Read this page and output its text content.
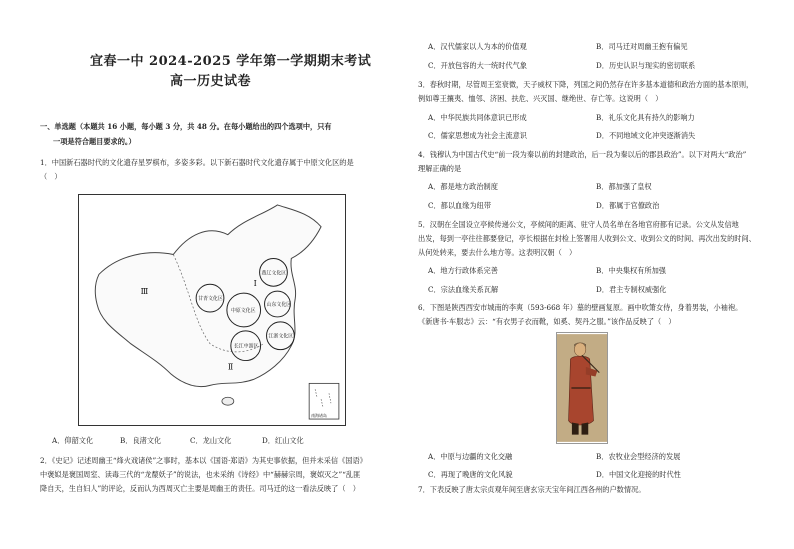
宜春一中 2024-2025 学年第一学期期末考试
高一历史试卷
一、单选题（本题共 16 小题，每小题 3 分，共 48 分。在每小题给出的四个选项中，只有
一项是符合题目要求的。）
1．中国新石器时代的文化遗存星罗棋布，多姿多彩。以下新石器时代文化遗存属于中原文化区的是
（　）
燕辽文化区
甘青文化区
中原文化区
山东文化区
长江中游区
江浙文化区
Ⅰ
Ⅱ
Ⅲ
南海诸岛
A．仰韶文化	B．良渚文化	C．龙山文化	D．红山文化
2．《史记》记述周幽王“烽火戏诸侯”之事时，基本以《国语·郑语》为其史事依据，但并未采信《国语》
中褒姒是褒国周室、读毒三代的“龙漦妖子”的说法，也未采纳《诗经》中“赫赫宗周，褒姒灭之”“乱匪
降自天，生自妇人”的评论，反而认为西周灭亡主要是周幽王的责任。司马迁的这一看法反映了（　）
A．汉代儒家以人为本的价值观	B．司马迁对周幽王抱有偏见
C．开放包容的大一统时代气象	D．历史认识与现实的密切联系
3．春秋时期，尽管周王室衰微，天子威权下降，列国之间仍然存在许多基本道德和政治方面的基本原则，
例如尊王攘夷、恤邻、济困、扶危、兴灭国、继绝世、存亡等。这说明（　）
A．中华民族共同体意识已形成	B．礼乐文化具有持久的影响力
C．儒家思想成为社会主流意识	D．不同地域文化冲突逐渐消失
4．钱穆认为中国古代史“前一段为秦以前的封建政治，后一段为秦以后的郡县政治”。以下对两大“政治”
理解正确的是
A．都是地方政治制度	B．都加强了皇权
C．都以血缘为纽带	D．都属于官僚政治
5．汉朝在全国设立亭候传递公文，亭候间的距离、驻守人员名单在各地官府都有记录。公文从发信地
出发，每到一亭往往都要登记，亭长根据在封检上签署用人收到公文、收到公文的时间、再次出发的时间、
从何处转来，要去什么地方等。这表明汉朝（　）
A．地方行政体系完善	B．中央集权有所加强
C．宗法血缘关系瓦解	D．君主专制权威强化
6．下图是陕西西安市城南的李爽（593-668 年）墓的壁画复原。画中吹箫女侍，身着男装，小袖袍。
《新唐书·车服志》云：“有衣男子衣而靴，如奚、契丹之服。”该作品反映了（　）
A．中原与边疆的文化交融	B．农牧业会型经济的发展
C．再现了晚唐的文化风貌	D．中国文化迎接的时代性
7．下表反映了唐太宗贞观年间至唐玄宗天宝年间江西各州的户数情况。
